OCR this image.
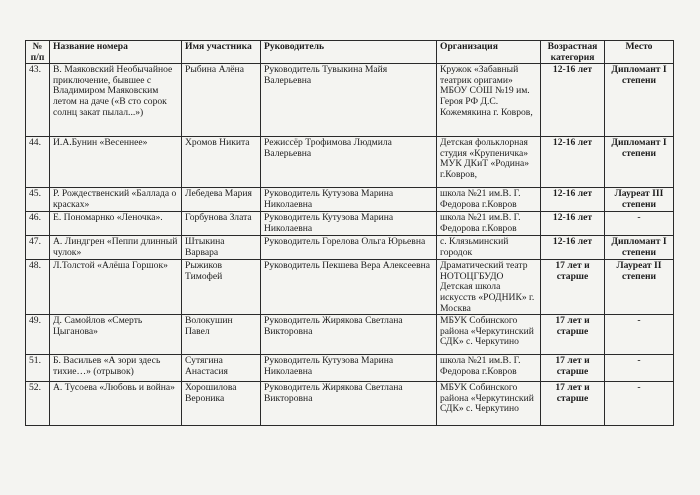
№ п/п	Название номера	Имя участника	Руководитель	Организация	Возрастная категория	Место
43.	В. Маяковский Необычайное приключение, бывшее с Владимиром Маяковским летом на даче («В сто сорок солнц закат пылал...»)	Рыбина Алёна	Руководитель Тувыкина Майя Валерьевна	Кружок «Забавный театрик оригами» МБОУ СОШ №19 им. Героя РФ Д.С. Кожемякина г. Ковров,	12-16 лет	Дипломант I степени
44.	И.А.Бунин «Весеннее»	Хромов Никита	Режиссёр Трофимова Людмила Валерьевна	Детская фольклорная студия «Крупеничка» МУК ДКиТ «Родина» г.Ковров,	12-16 лет	Дипломант I степени
45.	Р. Рождественский «Баллада о красках»	Лебедева Мария	Руководитель Кутузова Марина Николаевна	школа №21 им.В. Г. Федорова г.Ковров	12-16 лет	Лауреат III степени
46.	Е. Пономарнко «Леночка».	Горбунова Злата	Руководитель Кутузова Марина Николаевна	школа №21 им.В. Г. Федорова г.Ковров	12-16 лет	-
47.	А. Линдгрен «Пеппи длинный чулок»	Штыкина Варвара	Руководитель Горелова Ольга Юрьевна	с. Клязьминский городок	12-16 лет	Дипломант I степени
48.	Л.Толстой «Алёша Горшок»	Рыжиков Тимофей	Руководитель Пекшева Вера Алексеевна	Драматический театр НОТОЦГБУДО Детская школа искусств «РОДНИК» г. Москва	17 лет и старше	Лауреат II степени
49.	Д. Самойлов «Смерть Цыганова»	Волокушин Павел	Руководитель Жирякова Светлана Викторовна	МБУК Собинского района «Черкутинский СДК» с. Черкутино	17 лет и старше	-
51.	Б. Васильев «А зори здесь тихие…» (отрывок)	Сутягина Анастасия	Руководитель Кутузова Марина Николаевна	школа №21 им.В. Г. Федорова г.Ковров	17 лет и старше	-
52.	А. Тусоева «Любовь и война»	Хорошилова Вероника	Руководитель Жирякова Светлана Викторовна	МБУК Собинского района «Черкутинский СДК» с. Черкутино	17 лет и старше	-
